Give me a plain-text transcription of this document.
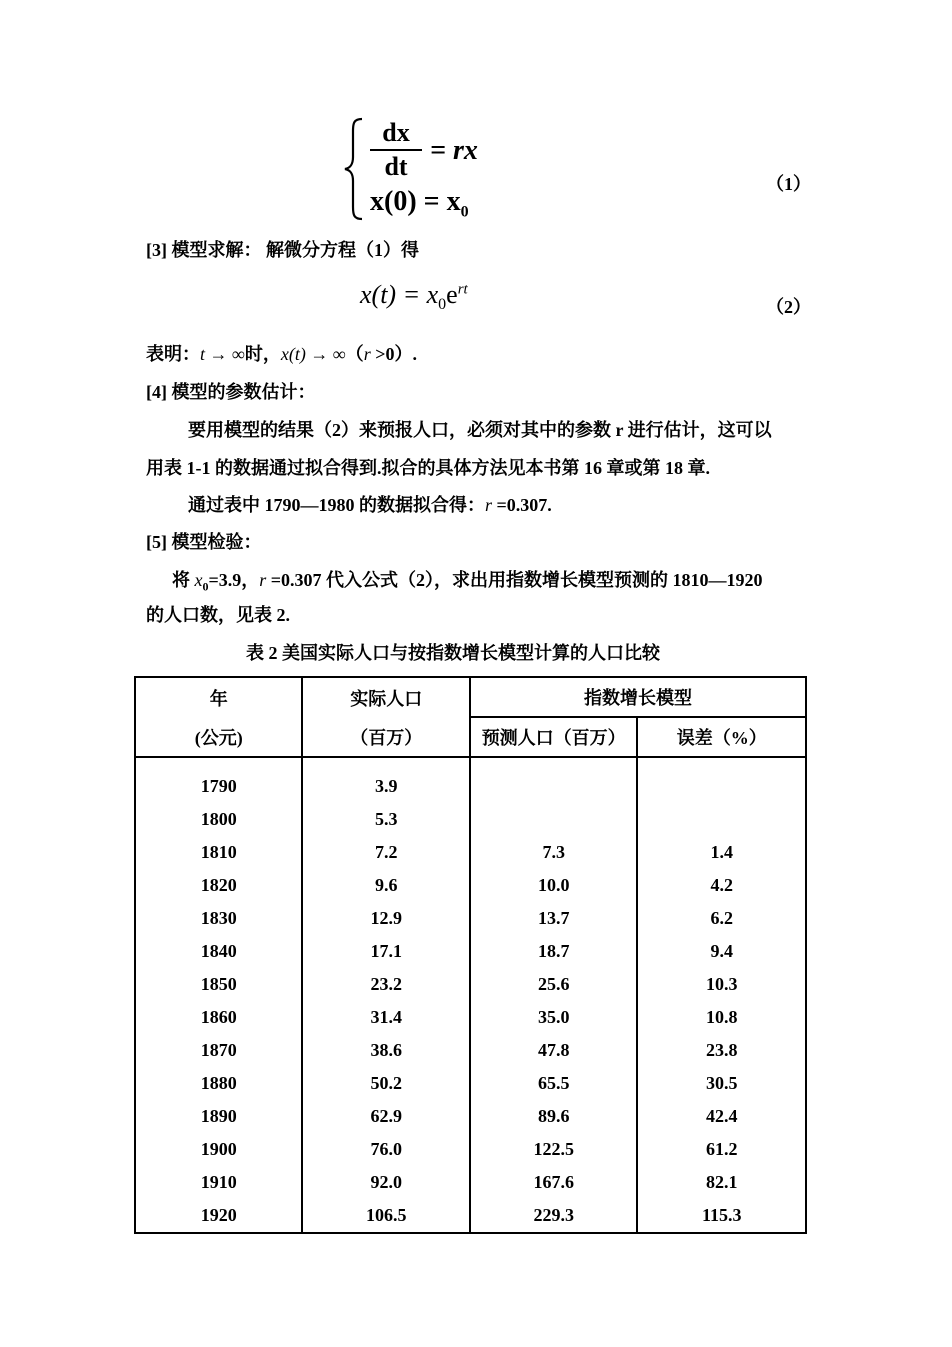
dx
dt
= rx
$x(0) = x_0$
（1）
[3] 模型求解： 解微分方程（1）得
$x(t) = x_0e^{rt}$
（2）
表明：t → ∞时，x(t) → ∞（r >0）.
[4] 模型的参数估计：
要用模型的结果（2）来预报人口，必须对其中的参数 r 进行估计，这可以
用表 1-1 的数据通过拟合得到.拟合的具体方法见本书第 16 章或第 18 章.
通过表中 1790—1980 的数据拟合得：r =0.307.
[5] 模型检验：
将 $x_0=3.9$，r =0.307 代入公式（2），求出用指数增长模型预测的 1810—1920
的人口数，见表 2.
表 2 美国实际人口与按指数增长模型计算的人口比较
年	实际人口	指数增长模型	
(公元)	（百万）	预测人口（百万）	误差（%）
1790	3.9		
1800	5.3		
1810	7.2	7.3	1.4
1820	9.6	10.0	4.2
1830	12.9	13.7	6.2
1840	17.1	18.7	9.4
1850	23.2	25.6	10.3
1860	31.4	35.0	10.8
1870	38.6	47.8	23.8
1880	50.2	65.5	30.5
1890	62.9	89.6	42.4
1900	76.0	122.5	61.2
1910	92.0	167.6	82.1
1920	106.5	229.3	115.3
